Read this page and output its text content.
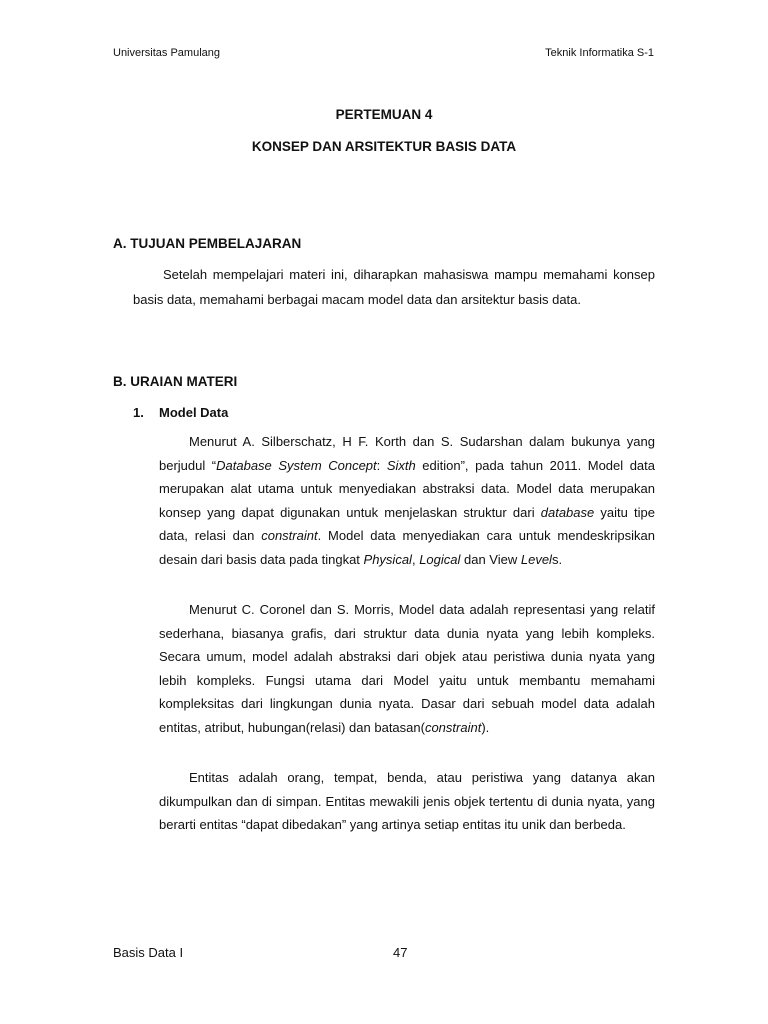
Universitas Pamulang	Teknik Informatika S-1
PERTEMUAN 4
KONSEP DAN ARSITEKTUR BASIS DATA
A. TUJUAN PEMBELAJARAN

Setelah mempelajari materi ini, diharapkan mahasiswa mampu memahami konsep basis data, memahami berbagai macam model data dan arsitektur basis data.

B. URAIAN MATERI
1. Model Data

Menurut A. Silberschatz, H F. Korth dan S. Sudarshan dalam bukunya yang berjudul “Database System Concept: Sixth edition”, pada tahun 2011. Model data merupakan alat utama untuk menyediakan abstraksi data. Model data merupakan konsep yang dapat digunakan untuk menjelaskan struktur dari database yaitu tipe data, relasi dan constraint. Model data menyediakan cara untuk mendeskripsikan desain dari basis data pada tingkat Physical, Logical dan View Levels.

Menurut C. Coronel dan S. Morris, Model data adalah representasi yang relatif sederhana, biasanya grafis, dari struktur data dunia nyata yang lebih kompleks. Secara umum, model adalah abstraksi dari objek atau peristiwa dunia nyata yang lebih kompleks. Fungsi utama dari Model yaitu untuk membantu memahami kompleksitas dari lingkungan dunia nyata. Dasar dari sebuah model data adalah entitas, atribut, hubungan(relasi) dan batasan(constraint).

Entitas adalah orang, tempat, benda, atau peristiwa yang datanya akan dikumpulkan dan di simpan. Entitas mewakili jenis objek tertentu di dunia nyata, yang berarti entitas “dapat dibedakan” yang artinya setiap entitas itu unik dan berbeda.

Basis Data I	47
